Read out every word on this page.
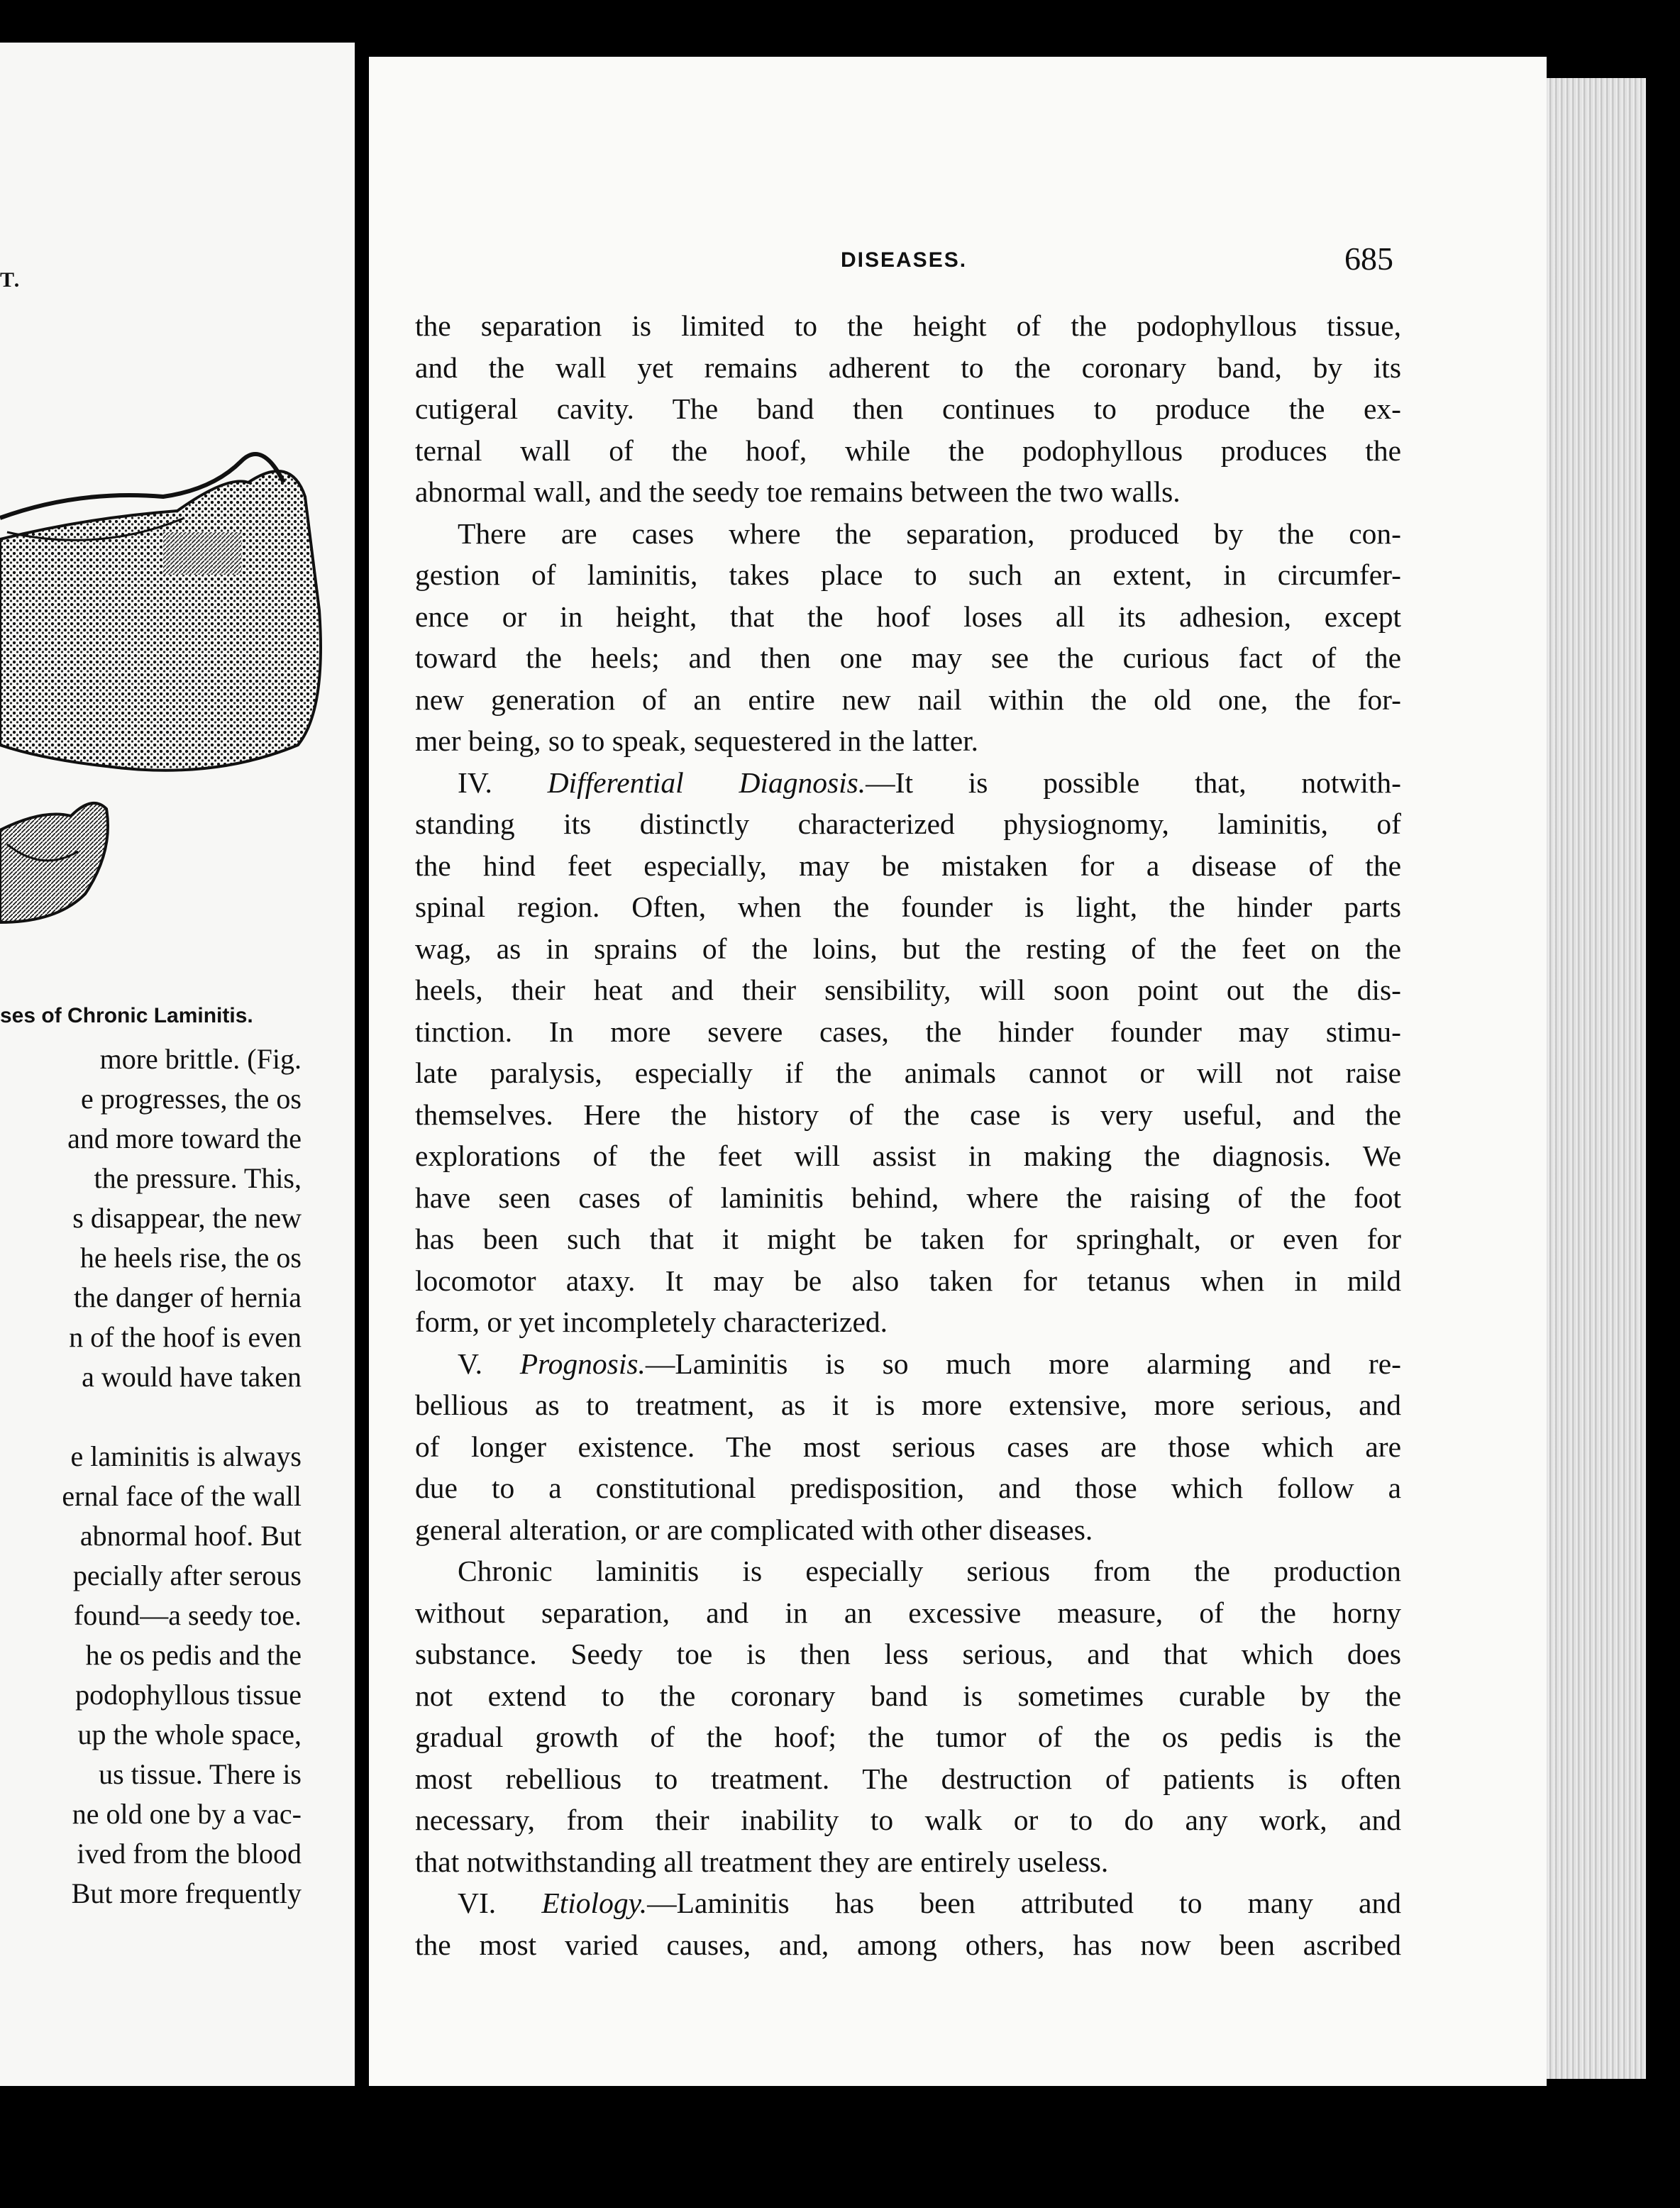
T.
ses of Chronic Laminitis.
more brittle. (Fig.
e progresses, the os
and more toward the
the pressure. This,
s disappear, the new
he heels rise, the os
the danger of hernia
n of the hoof is even
a would have taken

e laminitis is always
ernal face of the wall
abnormal hoof. But
pecially after serous
found—a seedy toe.
he os pedis and the
podophyllous tissue
up the whole space,
us tissue. There is
ne old one by a vac-
ived from the blood
But more frequently
DISEASES.	685
the separation is limited to the height of the podophyllous tissue,
and the wall yet remains adherent to the coronary band, by its
cutigeral cavity. The band then continues to produce the ex-
ternal wall of the hoof, while the podophyllous produces the
abnormal wall, and the seedy toe remains between the two walls.
There are cases where the separation, produced by the con-
gestion of laminitis, takes place to such an extent, in circumfer-
ence or in height, that the hoof loses all its adhesion, except
toward the heels; and then one may see the curious fact of the
new generation of an entire new nail within the old one, the for-
mer being, so to speak, sequestered in the latter.
IV. Differential Diagnosis.—It is possible that, notwith-
standing its distinctly characterized physiognomy, laminitis, of
the hind feet especially, may be mistaken for a disease of the
spinal region. Often, when the founder is light, the hinder parts
wag, as in sprains of the loins, but the resting of the feet on the
heels, their heat and their sensibility, will soon point out the dis-
tinction. In more severe cases, the hinder founder may stimu-
late paralysis, especially if the animals cannot or will not raise
themselves. Here the history of the case is very useful, and the
explorations of the feet will assist in making the diagnosis. We
have seen cases of laminitis behind, where the raising of the foot
has been such that it might be taken for springhalt, or even for
locomotor ataxy. It may be also taken for tetanus when in mild
form, or yet incompletely characterized.
V. Prognosis.—Laminitis is so much more alarming and re-
bellious as to treatment, as it is more extensive, more serious, and
of longer existence. The most serious cases are those which are
due to a constitutional predisposition, and those which follow a
general alteration, or are complicated with other diseases.
Chronic laminitis is especially serious from the production
without separation, and in an excessive measure, of the horny
substance. Seedy toe is then less serious, and that which does
not extend to the coronary band is sometimes curable by the
gradual growth of the hoof; the tumor of the os pedis is the
most rebellious to treatment. The destruction of patients is often
necessary, from their inability to walk or to do any work, and
that notwithstanding all treatment they are entirely useless.
VI. Etiology.—Laminitis has been attributed to many and
the most varied causes, and, among others, has now been ascribed
